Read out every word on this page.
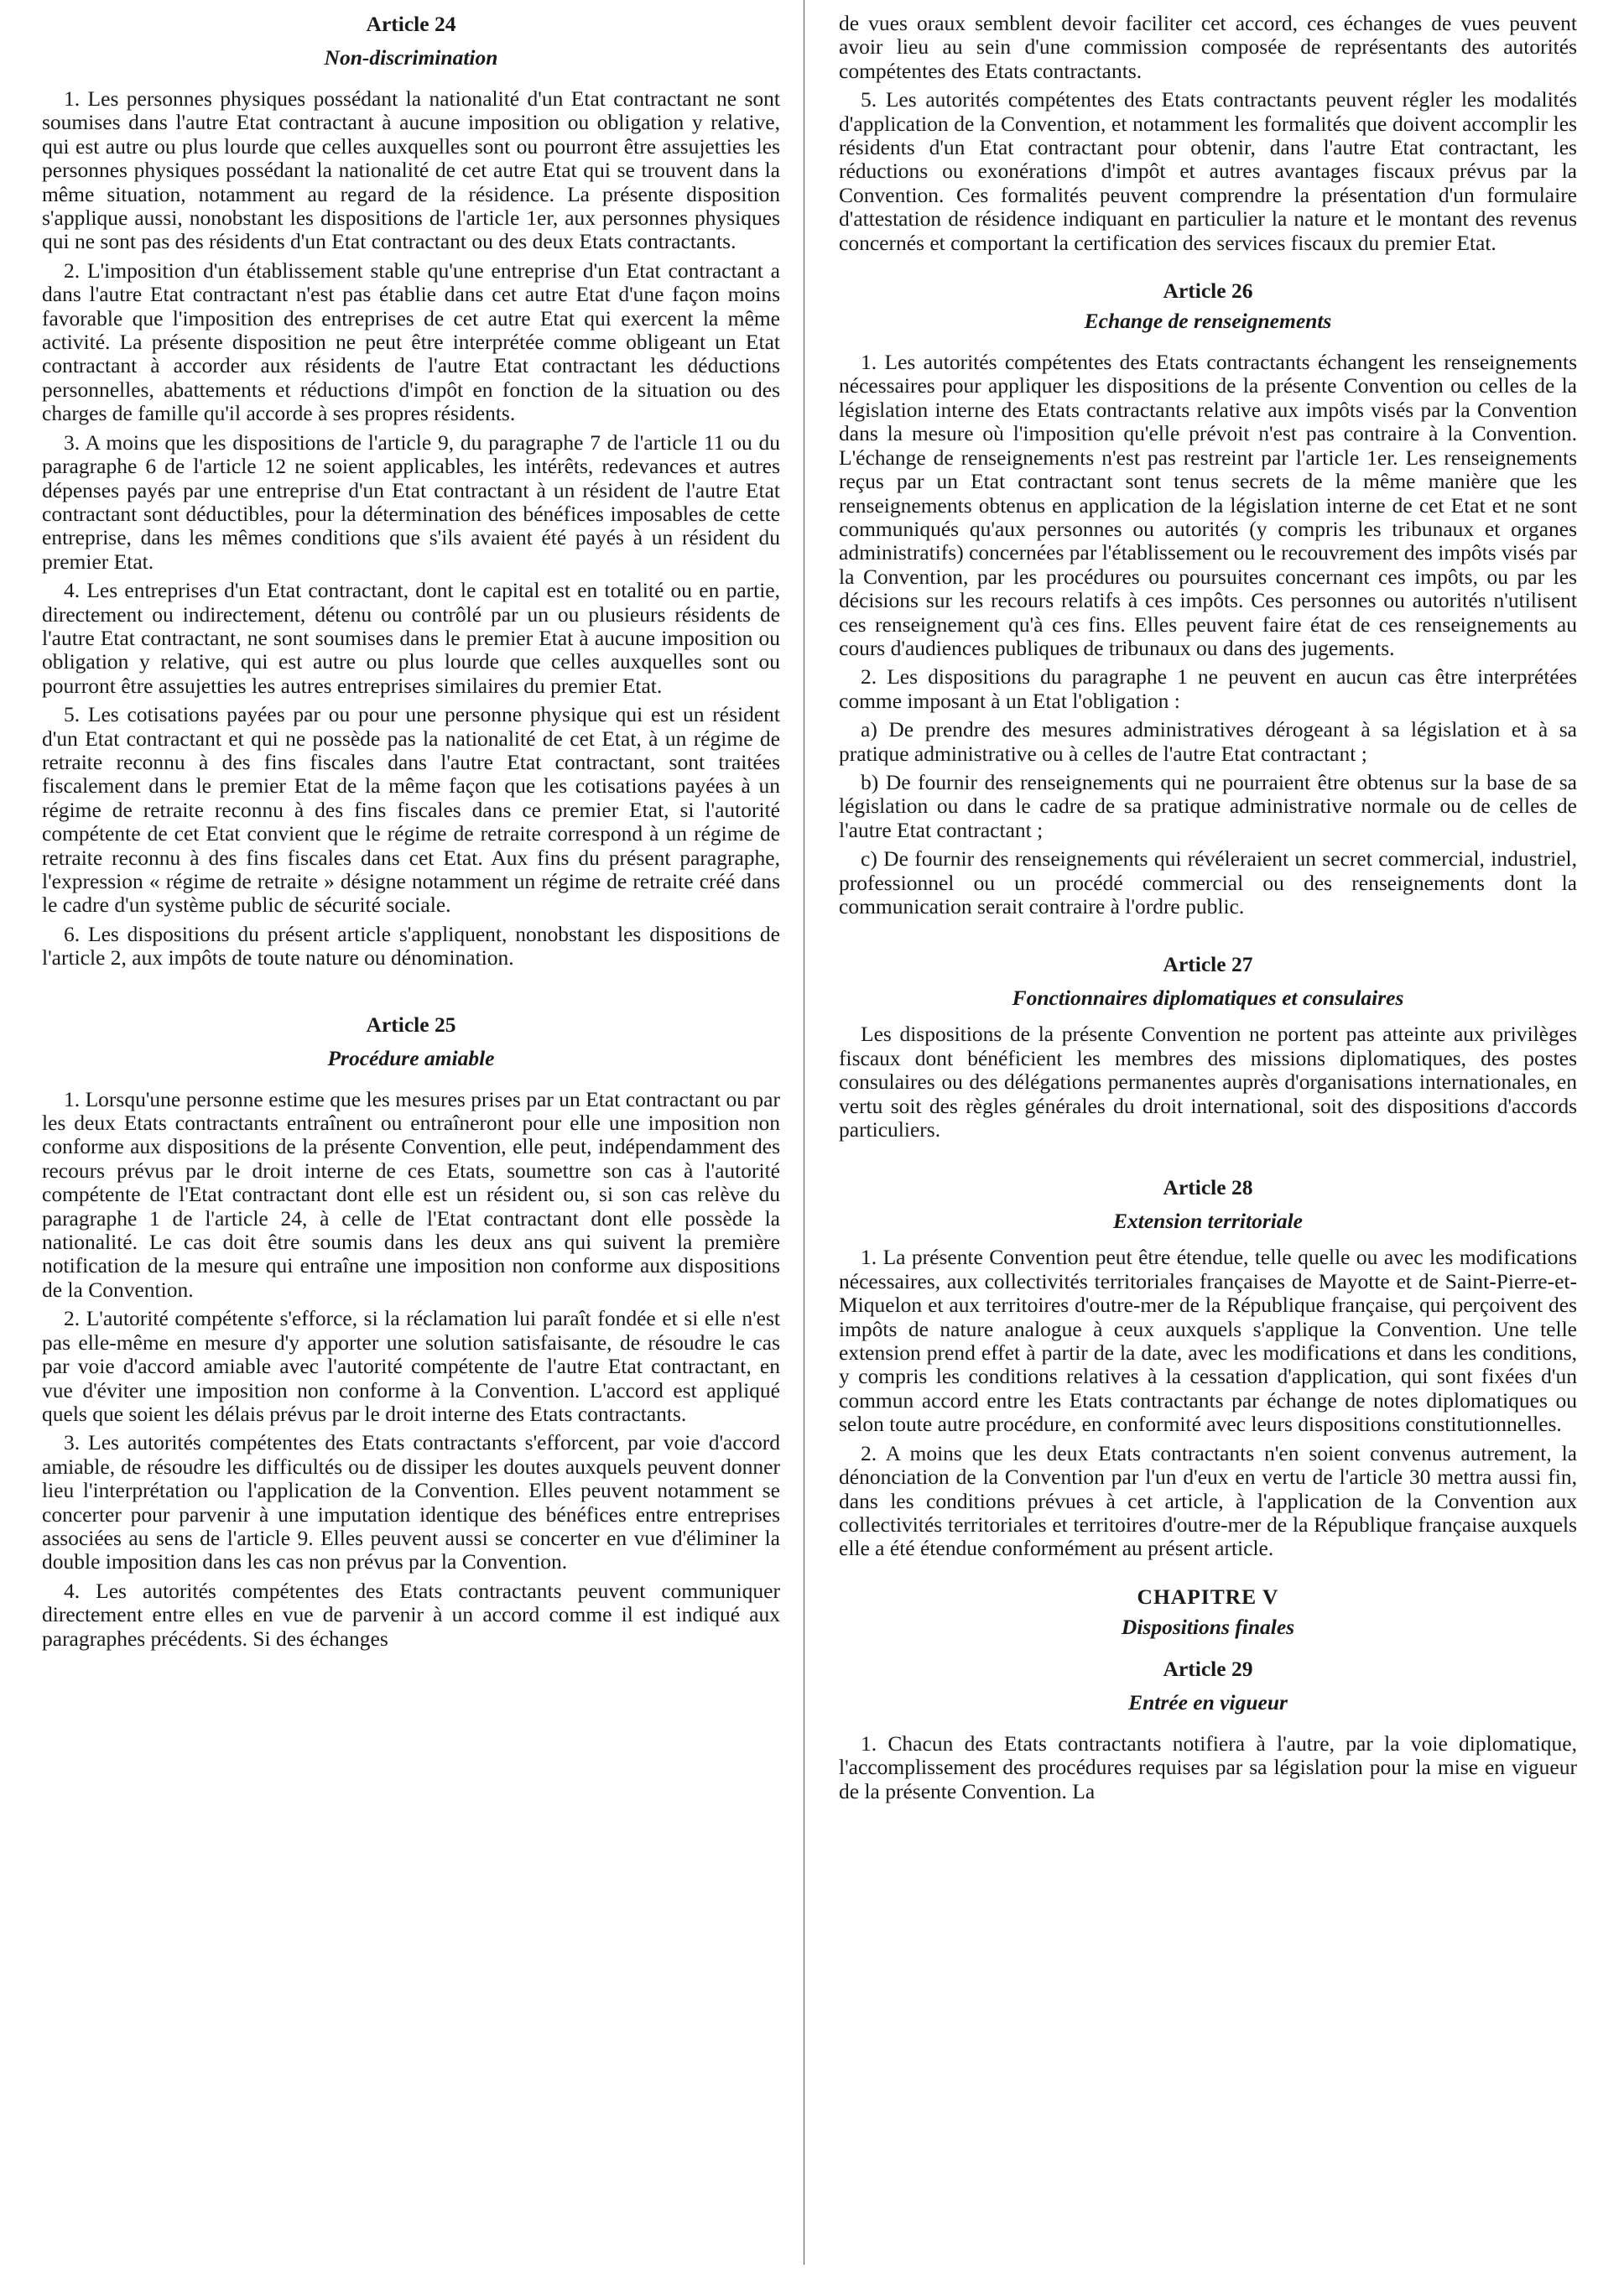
Article 24
Non-discrimination

1. Les personnes physiques possédant la nationalité d'un Etat contractant ne sont soumises dans l'autre Etat contractant à aucune imposition ou obligation y relative, qui est autre ou plus lourde que celles auxquelles sont ou pourront être assujetties les personnes physiques possédant la nationalité de cet autre Etat qui se trouvent dans la même situation, notamment au regard de la résidence. La présente disposition s'applique aussi, nonobstant les dispositions de l'article 1er, aux personnes physiques qui ne sont pas des résidents d'un Etat contractant ou des deux Etats contractants.

2. L'imposition d'un établissement stable qu'une entreprise d'un Etat contractant a dans l'autre Etat contractant n'est pas établie dans cet autre Etat d'une façon moins favorable que l'imposition des entreprises de cet autre Etat qui exercent la même activité. La présente disposition ne peut être interprétée comme obligeant un Etat contractant à accorder aux résidents de l'autre Etat contractant les déductions personnelles, abattements et réductions d'impôt en fonction de la situation ou des charges de famille qu'il accorde à ses propres résidents.

3. A moins que les dispositions de l'article 9, du paragraphe 7 de l'article 11 ou du paragraphe 6 de l'article 12 ne soient applicables, les intérêts, redevances et autres dépenses payés par une entreprise d'un Etat contractant à un résident de l'autre Etat contractant sont déductibles, pour la détermination des bénéfices imposables de cette entreprise, dans les mêmes conditions que s'ils avaient été payés à un résident du premier Etat.

4. Les entreprises d'un Etat contractant, dont le capital est en totalité ou en partie, directement ou indirectement, détenu ou contrôlé par un ou plusieurs résidents de l'autre Etat contractant, ne sont soumises dans le premier Etat à aucune imposition ou obligation y relative, qui est autre ou plus lourde que celles auxquelles sont ou pourront être assujetties les autres entreprises similaires du premier Etat.

5. Les cotisations payées par ou pour une personne physique qui est un résident d'un Etat contractant et qui ne possède pas la nationalité de cet Etat, à un régime de retraite reconnu à des fins fiscales dans l'autre Etat contractant, sont traitées fiscalement dans le premier Etat de la même façon que les cotisations payées à un régime de retraite reconnu à des fins fiscales dans ce premier Etat, si l'autorité compétente de cet Etat convient que le régime de retraite correspond à un régime de retraite reconnu à des fins fiscales dans cet Etat. Aux fins du présent paragraphe, l'expression « régime de retraite » désigne notamment un régime de retraite créé dans le cadre d'un système public de sécurité sociale.

6. Les dispositions du présent article s'appliquent, nonobstant les dispositions de l'article 2, aux impôts de toute nature ou dénomination.

Article 25
Procédure amiable

1. Lorsqu'une personne estime que les mesures prises par un Etat contractant ou par les deux Etats contractants entraînent ou entraîneront pour elle une imposition non conforme aux dispositions de la présente Convention, elle peut, indépendamment des recours prévus par le droit interne de ces Etats, soumettre son cas à l'autorité compétente de l'Etat contractant dont elle est un résident ou, si son cas relève du paragraphe 1 de l'article 24, à celle de l'Etat contractant dont elle possède la nationalité. Le cas doit être soumis dans les deux ans qui suivent la première notification de la mesure qui entraîne une imposition non conforme aux dispositions de la Convention.

2. L'autorité compétente s'efforce, si la réclamation lui paraît fondée et si elle n'est pas elle-même en mesure d'y apporter une solution satisfaisante, de résoudre le cas par voie d'accord amiable avec l'autorité compétente de l'autre Etat contractant, en vue d'éviter une imposition non conforme à la Convention. L'accord est appliqué quels que soient les délais prévus par le droit interne des Etats contractants.

3. Les autorités compétentes des Etats contractants s'efforcent, par voie d'accord amiable, de résoudre les difficultés ou de dissiper les doutes auxquels peuvent donner lieu l'interprétation ou l'application de la Convention. Elles peuvent notamment se concerter pour parvenir à une imputation identique des bénéfices entre entreprises associées au sens de l'article 9. Elles peuvent aussi se concerter en vue d'éliminer la double imposition dans les cas non prévus par la Convention.

4. Les autorités compétentes des Etats contractants peuvent communiquer directement entre elles en vue de parvenir à un accord comme il est indiqué aux paragraphes précédents. Si des échanges

de vues oraux semblent devoir faciliter cet accord, ces échanges de vues peuvent avoir lieu au sein d'une commission composée de représentants des autorités compétentes des Etats contractants.

5. Les autorités compétentes des Etats contractants peuvent régler les modalités d'application de la Convention, et notamment les formalités que doivent accomplir les résidents d'un Etat contractant pour obtenir, dans l'autre Etat contractant, les réductions ou exonérations d'impôt et autres avantages fiscaux prévus par la Convention. Ces formalités peuvent comprendre la présentation d'un formulaire d'attestation de résidence indiquant en particulier la nature et le montant des revenus concernés et comportant la certification des services fiscaux du premier Etat.

Article 26
Echange de renseignements

1. Les autorités compétentes des Etats contractants échangent les renseignements nécessaires pour appliquer les dispositions de la présente Convention ou celles de la législation interne des Etats contractants relative aux impôts visés par la Convention dans la mesure où l'imposition qu'elle prévoit n'est pas contraire à la Convention. L'échange de renseignements n'est pas restreint par l'article 1er. Les renseignements reçus par un Etat contractant sont tenus secrets de la même manière que les renseignements obtenus en application de la législation interne de cet Etat et ne sont communiqués qu'aux personnes ou autorités (y compris les tribunaux et organes administratifs) concernées par l'établissement ou le recouvrement des impôts visés par la Convention, par les procédures ou poursuites concernant ces impôts, ou par les décisions sur les recours relatifs à ces impôts. Ces personnes ou autorités n'utilisent ces renseignement qu'à ces fins. Elles peuvent faire état de ces renseignements au cours d'audiences publiques de tribunaux ou dans des jugements.

2. Les dispositions du paragraphe 1 ne peuvent en aucun cas être interprétées comme imposant à un Etat l'obligation :

a) De prendre des mesures administratives dérogeant à sa législation et à sa pratique administrative ou à celles de l'autre Etat contractant ;

b) De fournir des renseignements qui ne pourraient être obtenus sur la base de sa législation ou dans le cadre de sa pratique administrative normale ou de celles de l'autre Etat contractant ;

c) De fournir des renseignements qui révéleraient un secret commercial, industriel, professionnel ou un procédé commercial ou des renseignements dont la communication serait contraire à l'ordre public.

Article 27
Fonctionnaires diplomatiques et consulaires

Les dispositions de la présente Convention ne portent pas atteinte aux privilèges fiscaux dont bénéficient les membres des missions diplomatiques, des postes consulaires ou des délégations permanentes auprès d'organisations internationales, en vertu soit des règles générales du droit international, soit des dispositions d'accords particuliers.

Article 28
Extension territoriale

1. La présente Convention peut être étendue, telle quelle ou avec les modifications nécessaires, aux collectivités territoriales françaises de Mayotte et de Saint-Pierre-et-Miquelon et aux territoires d'outre-mer de la République française, qui perçoivent des impôts de nature analogue à ceux auxquels s'applique la Convention. Une telle extension prend effet à partir de la date, avec les modifications et dans les conditions, y compris les conditions relatives à la cessation d'application, qui sont fixées d'un commun accord entre les Etats contractants par échange de notes diplomatiques ou selon toute autre procédure, en conformité avec leurs dispositions constitutionnelles.

2. A moins que les deux Etats contractants n'en soient convenus autrement, la dénonciation de la Convention par l'un d'eux en vertu de l'article 30 mettra aussi fin, dans les conditions prévues à cet article, à l'application de la Convention aux collectivités territoriales et territoires d'outre-mer de la République française auxquels elle a été étendue conformément au présent article.

CHAPITRE V
Dispositions finales
Article 29
Entrée en vigueur

1. Chacun des Etats contractants notifiera à l'autre, par la voie diplomatique, l'accomplissement des procédures requises par sa législation pour la mise en vigueur de la présente Convention. La
